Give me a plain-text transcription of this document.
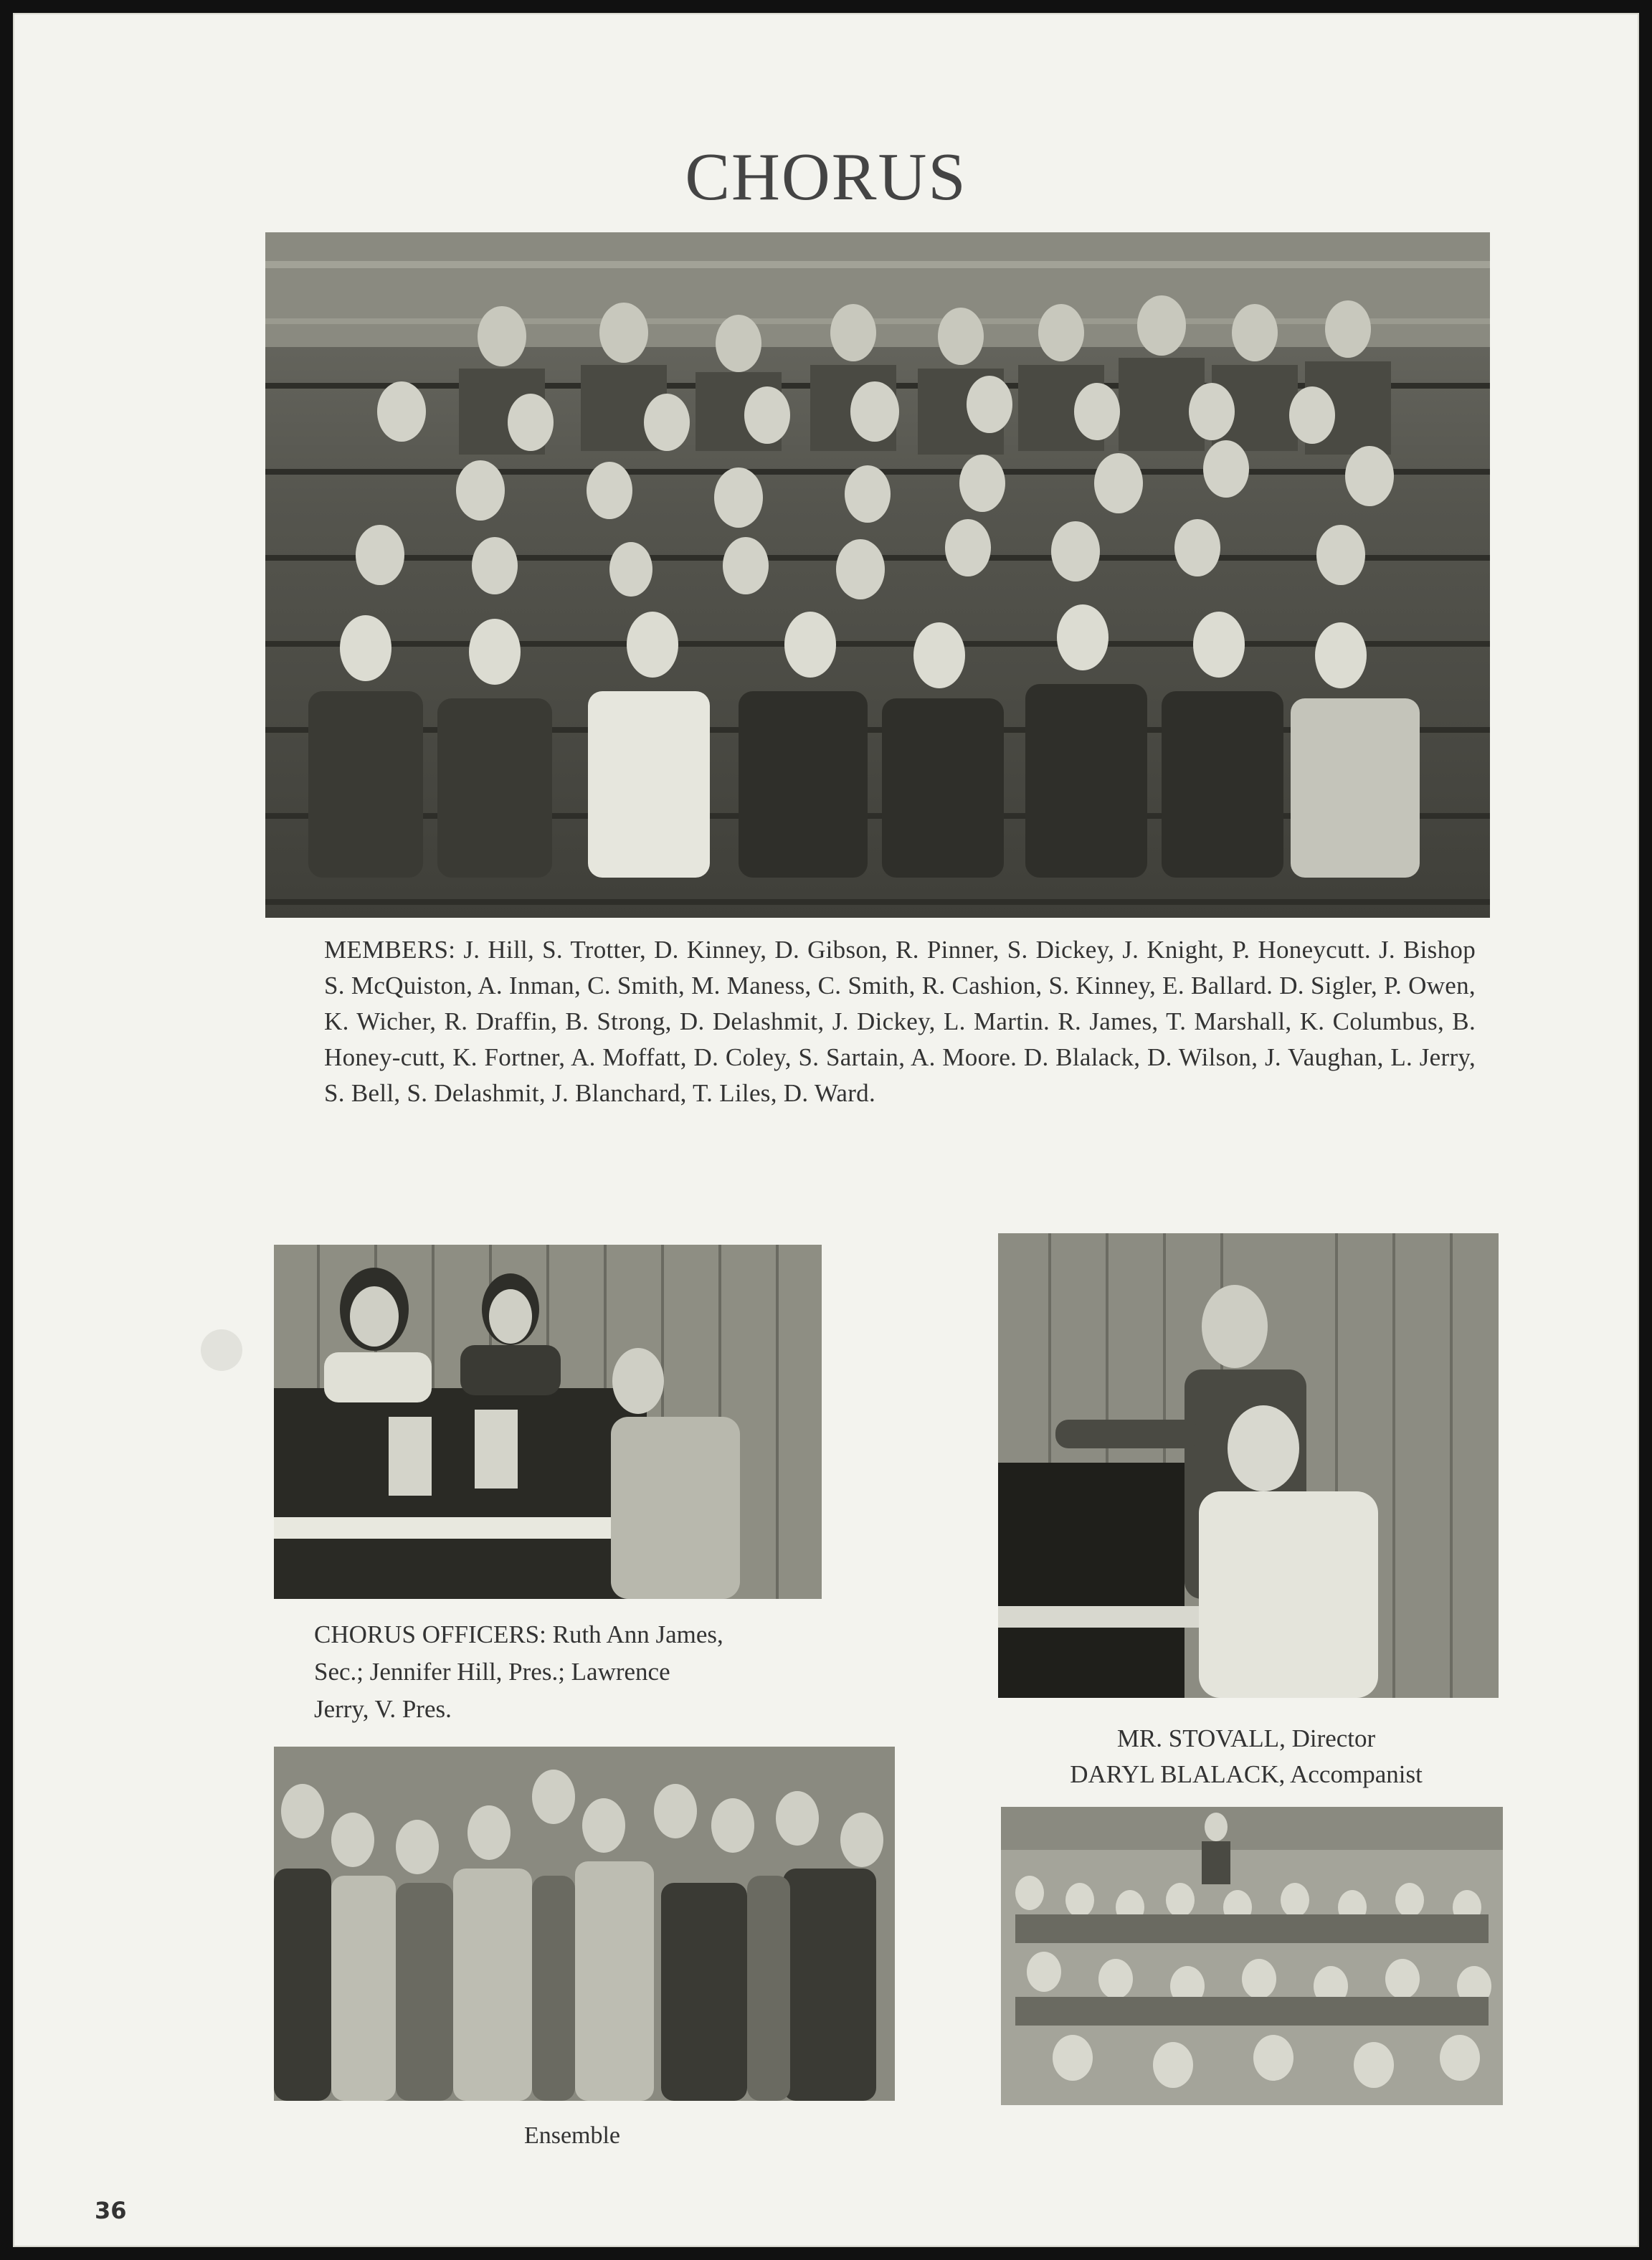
CHORUS
MEMBERS: J. Hill, S. Trotter, D. Kinney, D. Gibson, R. Pinner, S. Dickey, J. Knight, P. Honeycutt. J. Bishop S. McQuiston, A. Inman, C. Smith, M. Maness, C. Smith, R. Cashion, S. Kinney, E. Ballard. D. Sigler, P. Owen, K. Wicher, R. Draffin, B. Strong, D. Delashmit, J. Dickey, L. Martin. R. James, T. Marshall, K. Columbus, B. Honey-cutt, K. Fortner, A. Moffatt, D. Coley, S. Sartain, A. Moore. D. Blalack, D. Wilson, J. Vaughan, L. Jerry, S. Bell, S. Delashmit, J. Blanchard, T. Liles, D. Ward.
CHORUS OFFICERS: Ruth Ann James,
Sec.; Jennifer Hill, Pres.; Lawrence
Jerry, V. Pres.
MR. STOVALL, Director
DARYL BLALACK, Accompanist
Ensemble
36
